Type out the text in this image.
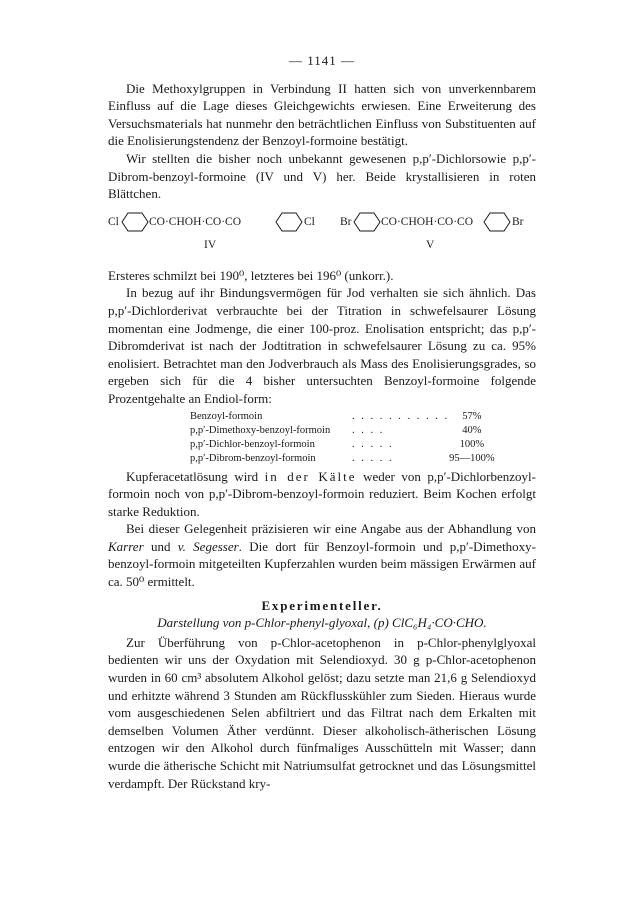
— 1141 —

Die Methoxylgruppen in Verbindung II hatten sich von unverkennbarem Einfluss auf die Lage dieses Gleichgewichts erwiesen. Eine Erweiterung des Versuchsmaterials hat nunmehr den beträchtlichen Einfluss von Substituenten auf die Enolisierungstendenz der Benzoyl-formoine bestätigt.

Wir stellten die bisher noch unbekannt gewesenen p,p′-Dichlorsowie p,p′-Dibrom-benzoyl-formoine (IV und V) her. Beide krystallisieren in roten Blättchen.

Cl	CO·CHOH·CO·CO	Cl
IV
Br	CO·CHOH·CO·CO	Br
V

Ersteres schmilzt bei 190⁰, letzteres bei 196⁰ (unkorr.).

In bezug auf ihr Bindungsvermögen für Jod verhalten sie sich ähnlich. Das p,p′-Dichlorderivat verbrauchte bei der Titration in schwefelsaurer Lösung momentan eine Jodmenge, die einer 100-proz. Enolisation entspricht; das p,p′-Dibromderivat ist nach der Jodtitration in schwefelsaurer Lösung zu ca. 95% enolisiert. Betrachtet man den Jodverbrauch als Mass des Enolisierungsgrades, so ergeben sich für die 4 bisher untersuchten Benzoyl-formoine folgende Prozentgehalte an Endiol-form:

Benzoyl-formoin	. . . . . . . . . . .	57%
p,p′-Dimethoxy-benzoyl-formoin	. . . .	40%
p,p′-Dichlor-benzoyl-formoin	. . . . .	100%
p,p′-Dibrom-benzoyl-formoin	. . . . .	95—100%

Kupferacetatlösung wird in der Kälte weder von p,p′-Dichlorbenzoyl-formoin noch von p,p′-Dibrom-benzoyl-formoin reduziert. Beim Kochen erfolgt starke Reduktion.

Bei dieser Gelegenheit präzisieren wir eine Angabe aus der Abhandlung von Karrer und v. Segesser. Die dort für Benzoyl-formoin und p,p′-Dimethoxy-benzoyl-formoin mitgeteilten Kupferzahlen wurden beim mässigen Erwärmen auf ca. 50⁰ ermittelt.

Experimenteller.
Darstellung von p-Chlor-phenyl-glyoxal, (p) ClC₆H₄·CO·CHO.

Zur Überführung von p-Chlor-acetophenon in p-Chlor-phenylglyoxal bedienten wir uns der Oxydation mit Selendioxyd. 30 g p-Chlor-acetophenon wurden in 60 cm³ absolutem Alkohol gelöst; dazu setzte man 21,6 g Selendioxyd und erhitzte während 3 Stunden am Rückflusskühler zum Sieden. Hieraus wurde vom ausgeschiedenen Selen abfiltriert und das Filtrat nach dem Erkalten mit demselben Volumen Äther verdünnt. Dieser alkoholisch-ätherischen Lösung entzogen wir den Alkohol durch fünfmaliges Ausschütteln mit Wasser; dann wurde die ätherische Schicht mit Natriumsulfat getrocknet und das Lösungsmittel verdampft. Der Rückstand kry-
